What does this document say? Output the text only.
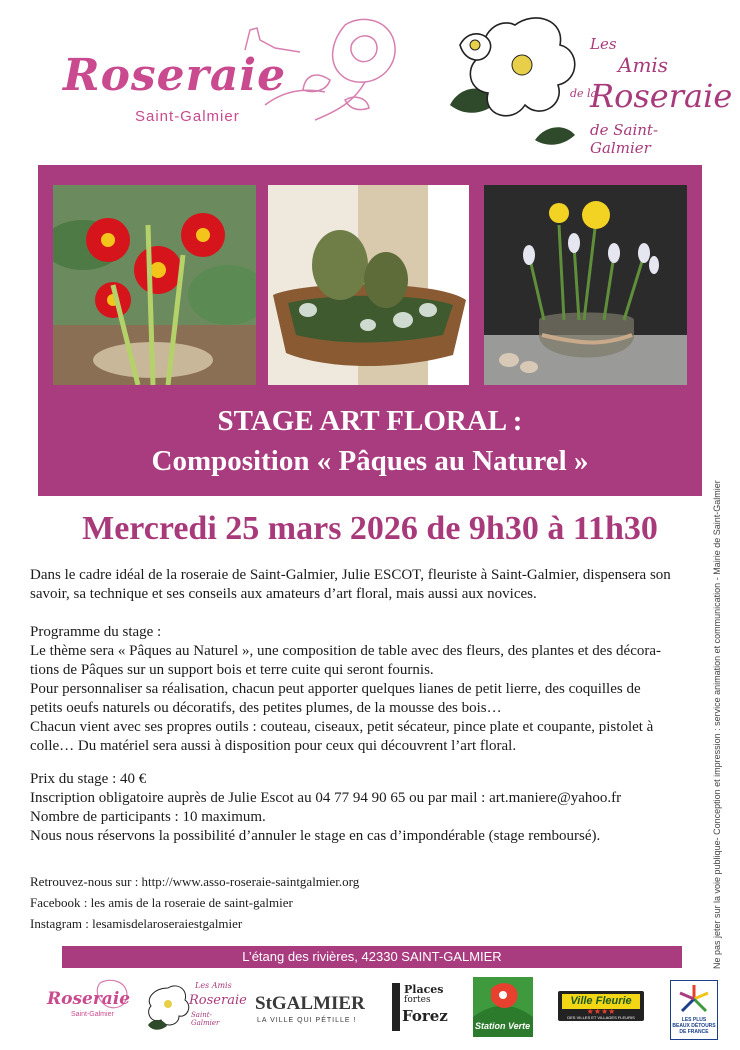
Roseraie
Saint-Galmier
Les
Amis
de la
Roseraie
de Saint-Galmier
STAGE ART FLORAL :
Composition « Pâques au Naturel »
Mercredi 25 mars 2026 de 9h30 à 11h30

Dans le cadre idéal de la roseraie de Saint-Galmier, Julie ESCOT, fleuriste à Saint-Galmier, dispensera son

savoir, sa technique et ses conseils aux amateurs d’art floral, mais aussi aux novices.

Programme du stage :

Le thème sera « Pâques au Naturel », une composition de table avec des fleurs, des plantes et des décora-

tions de Pâques sur un support bois et terre cuite qui seront fournis.

Pour personnaliser sa réalisation, chacun peut apporter quelques lianes de petit lierre, des coquilles de

petits oeufs naturels ou décoratifs, des petites plumes, de la mousse des bois…

Chacun vient avec ses propres outils : couteau, ciseaux, petit sécateur, pince plate et coupante, pistolet à

colle… Du matériel sera aussi à disposition pour ceux qui découvrent l’art floral.

Prix du stage : 40 €

Inscription obligatoire auprès de Julie Escot au 04 77 94 90 65 ou par mail : art.maniere@yahoo.fr

Nombre de participants : 10 maximum.

Nous nous réservons la possibilité d’annuler le stage en cas d’impondérable (stage remboursé).

Retrouvez-nous sur : http://www.asso-roseraie-saintgalmier.org

Facebook : les amis de la roseraie de saint-galmier

Instagram : lesamisdelaroseraiestgalmier	Ne pas jeter sur la voie publique- Conception et impression : service animation et communication - Mairie de Saint-Galmier
L’étang des rivières, 42330 SAINT-GALMIER
Roseraie
Saint-Galmier
Les Amis
Roseraie
Saint-Galmier
StGALMIER
LA VILLE QUI PÉTILLE !
Places
fortes
Forez
Station Verte
Ville Fleurie
★★★★
DES VILLES ET VILLAGES FLEURIS	LES PLUS
BEAUX DÉTOURS
DE FRANCE
